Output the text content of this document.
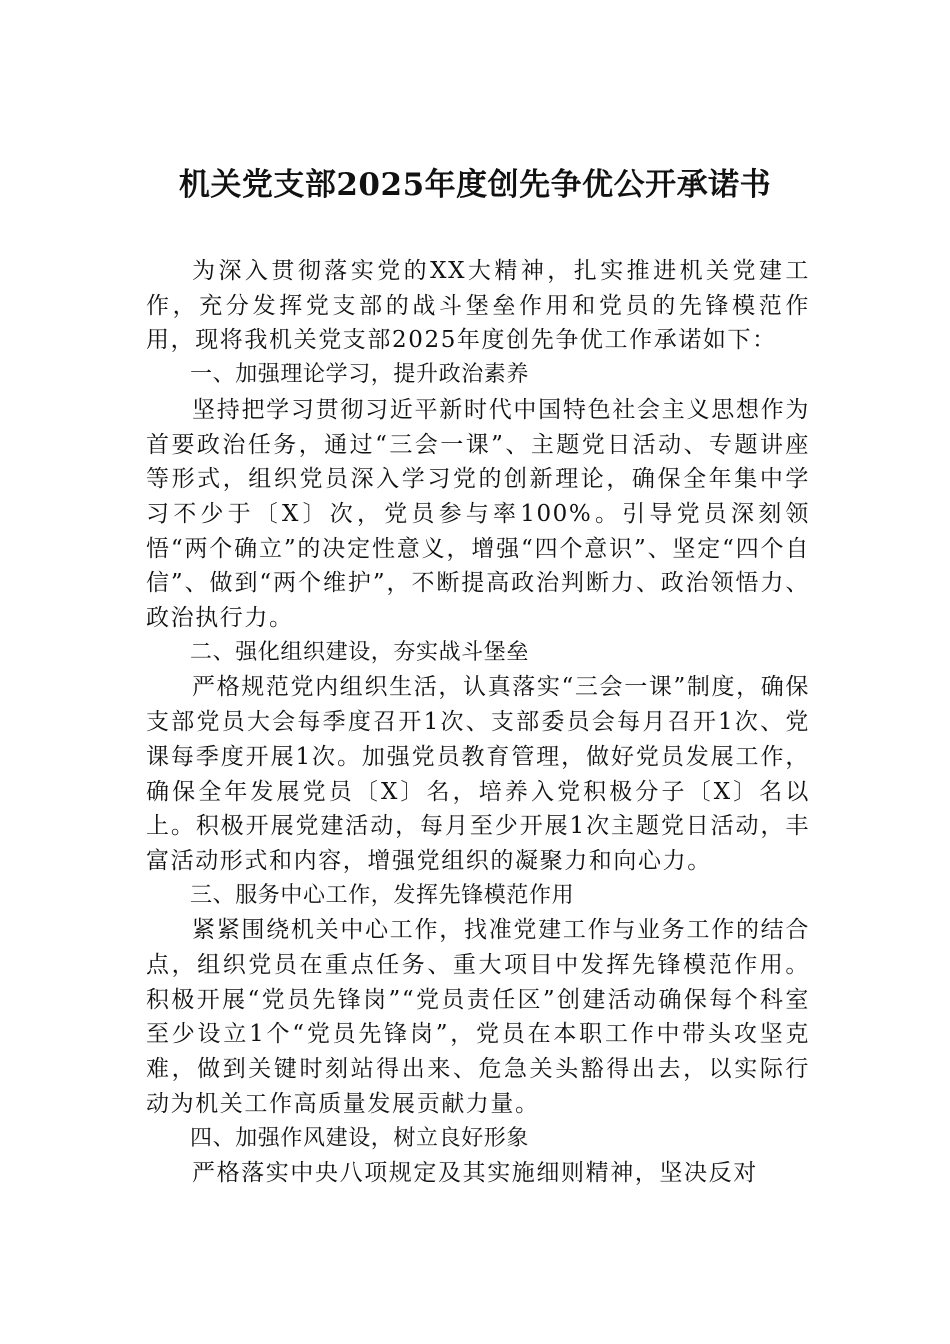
机关党支部2025年度创先争优公开承诺书

为深入贯彻落实党的XX大精神，扎实推进机关党建工作，充分发挥党支部的战斗堡垒作用和党员的先锋模范作用，现将我机关党支部2025年度创先争优工作承诺如下：

一、加强理论学习，提升政治素养

坚持把学习贯彻习近平新时代中国特色社会主义思想作为首要政治任务，通过“三会一课”、主题党日活动、专题讲座等形式，组织党员深入学习党的创新理论，确保全年集中学习不少于〔X〕次，党员参与率100%。引导党员深刻领悟“两个确立”的决定性意义，增强“四个意识”、坚定“四个自信”、做到“两个维护”，不断提高政治判断力、政治领悟力、政治执行力。

二、强化组织建设，夯实战斗堡垒

严格规范党内组织生活，认真落实“三会一课”制度，确保支部党员大会每季度召开1次、支部委员会每月召开1次、党课每季度开展1次。加强党员教育管理，做好党员发展工作，确保全年发展党员〔X〕名，培养入党积极分子〔X〕名以上。积极开展党建活动，每月至少开展1次主题党日活动，丰富活动形式和内容，增强党组织的凝聚力和向心力。

三、服务中心工作，发挥先锋模范作用

紧紧围绕机关中心工作，找准党建工作与业务工作的结合点，组织党员在重点任务、重大项目中发挥先锋模范作用。积极开展“党员先锋岗”“党员责任区”创建活动确保每个科室至少设立1个“党员先锋岗”，党员在本职工作中带头攻坚克难，做到关键时刻站得出来、危急关头豁得出去，以实际行动为机关工作高质量发展贡献力量。

四、加强作风建设，树立良好形象

严格落实中央八项规定及其实施细则精神，坚决反对
